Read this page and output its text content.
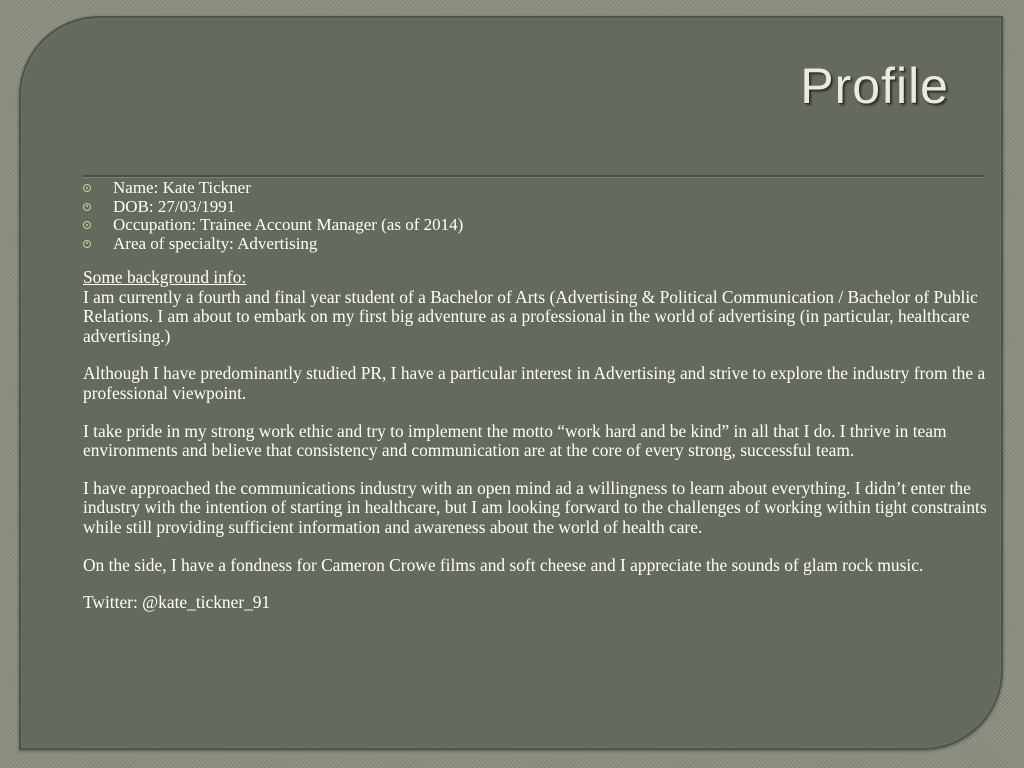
Profile
Name: Kate Tickner
DOB: 27/03/1991
Occupation: Trainee Account Manager (as of 2014)
Area of specialty: Advertising

Some background info:
I am currently a fourth and final year student of a Bachelor of Arts (Advertising & Political Communication / Bachelor of Public Relations. I am about to embark on my first big adventure as a professional in the world of advertising (in particular, healthcare advertising.)

Although I have predominantly studied PR, I have a particular interest in Advertising and strive to explore the industry from the a professional viewpoint.

I take pride in my strong work ethic and try to implement the motto “work hard and be kind” in all that I do. I thrive in team environments and believe that consistency and communication are at the core of every strong, successful team.

I have approached the communications industry with an open mind ad a willingness to learn about everything. I didn’t enter the industry with the intention of starting in healthcare, but I am looking forward to the challenges of working within tight constraints while still providing sufficient information and awareness about the world of health care.

On the side, I have a fondness for Cameron Crowe films and soft cheese and I appreciate the sounds of glam rock music.

Twitter: @kate_tickner_91
